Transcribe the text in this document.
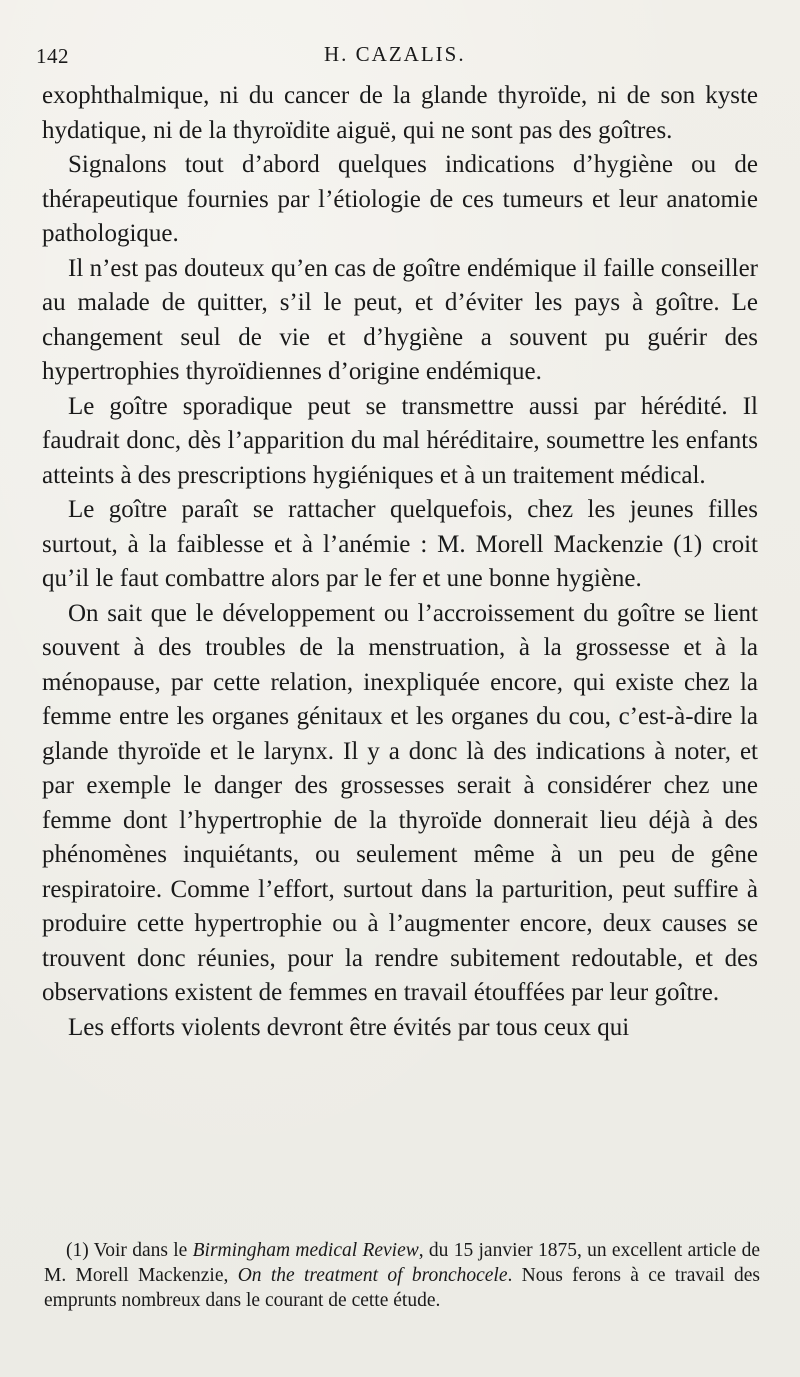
142	H. CAZALIS.

exophthalmique, ni du cancer de la glande thyroïde, ni de son kyste hydatique, ni de la thyroïdite aiguë, qui ne sont pas des goîtres.

Signalons tout d’abord quelques indications d’hygiène ou de thérapeutique fournies par l’étiologie de ces tumeurs et leur anatomie pathologique.

Il n’est pas douteux qu’en cas de goître endémique il faille conseiller au malade de quitter, s’il le peut, et d’éviter les pays à goître. Le changement seul de vie et d’hygiène a souvent pu guérir des hypertrophies thyroïdiennes d’origine endémique.

Le goître sporadique peut se transmettre aussi par hérédité. Il faudrait donc, dès l’apparition du mal héréditaire, soumettre les enfants atteints à des prescriptions hygiéniques et à un traitement médical.

Le goître paraît se rattacher quelquefois, chez les jeunes filles surtout, à la faiblesse et à l’anémie : M. Morell Mackenzie (1) croit qu’il le faut combattre alors par le fer et une bonne hygiène.

On sait que le développement ou l’accroissement du goître se lient souvent à des troubles de la menstruation, à la grossesse et à la ménopause, par cette relation, inexpliquée encore, qui existe chez la femme entre les organes génitaux et les organes du cou, c’est-à-dire la glande thyroïde et le larynx. Il y a donc là des indications à noter, et par exemple le danger des grossesses serait à considérer chez une femme dont l’hypertrophie de la thyroïde donnerait lieu déjà à des phénomènes inquiétants, ou seulement même à un peu de gêne respiratoire. Comme l’effort, surtout dans la parturition, peut suffire à produire cette hypertrophie ou à l’augmenter encore, deux causes se trouvent donc réunies, pour la rendre subitement redoutable, et des observations existent de femmes en travail étouffées par leur goître.

Les efforts violents devront être évités par tous ceux qui

(1) Voir dans le Birmingham medical Review, du 15 janvier 1875, un excellent article de M. Morell Mackenzie, On the treatment of bronchocele. Nous ferons à ce travail des emprunts nombreux dans le courant de cette étude.
